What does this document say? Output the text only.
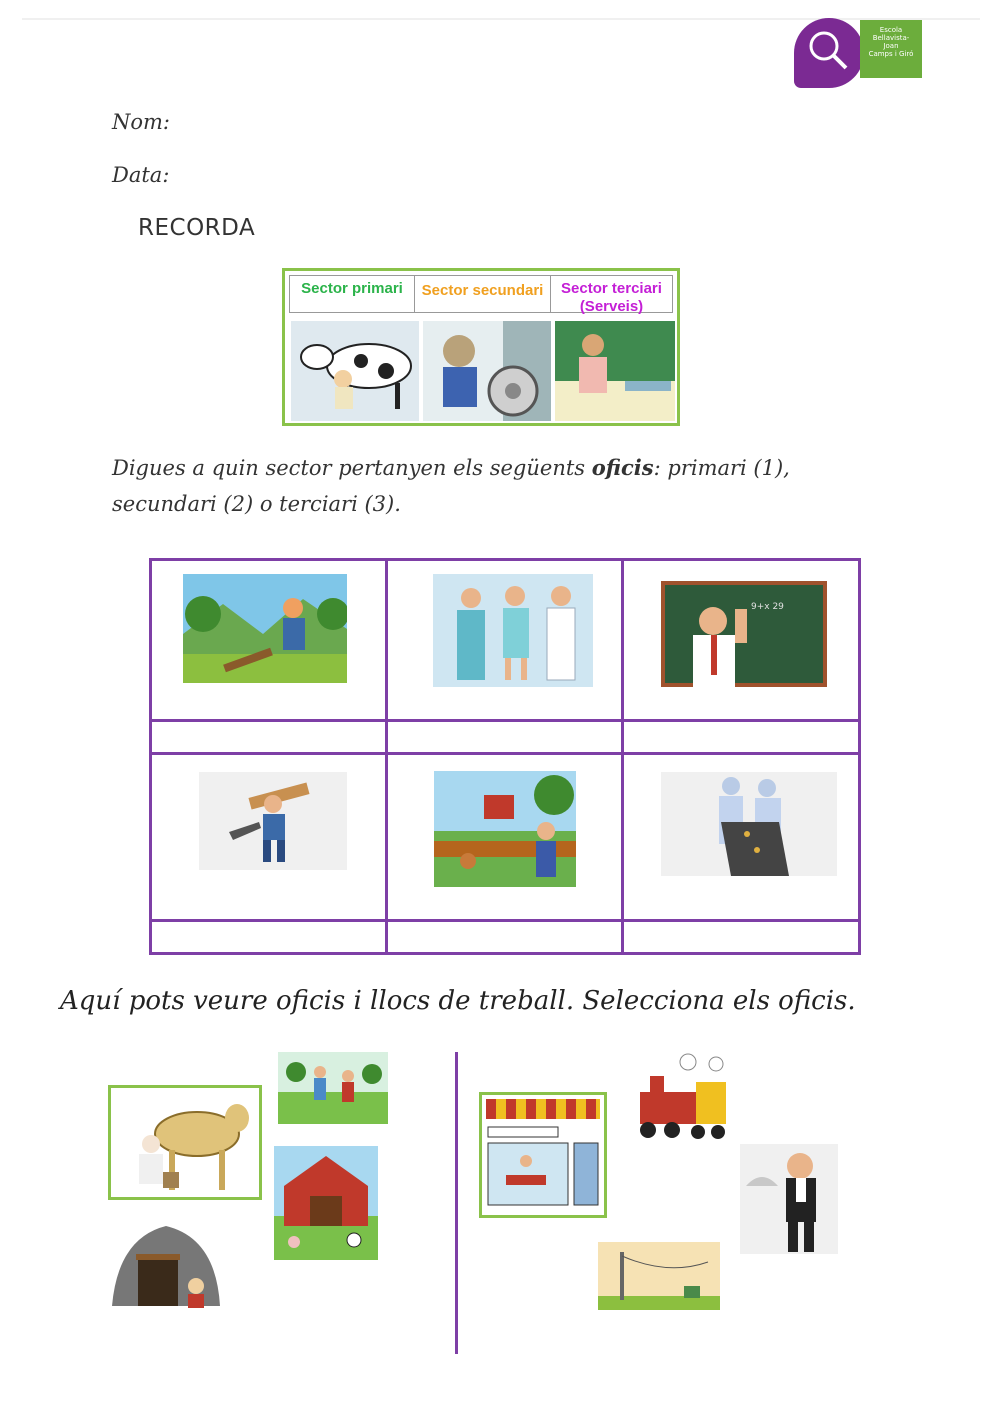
Escola
Bellavista-
Joan
Camps i Giró
Nom:
Data:
RECORDA
Sector primari	Sector secundari	Sector terciari (Serveis)
Digues a quin sector pertanyen els següents oficis: primari (1), secundari (2) o terciari (3).
9+x 29
Aquí pots veure oficis i llocs de treball. Selecciona els oficis.
